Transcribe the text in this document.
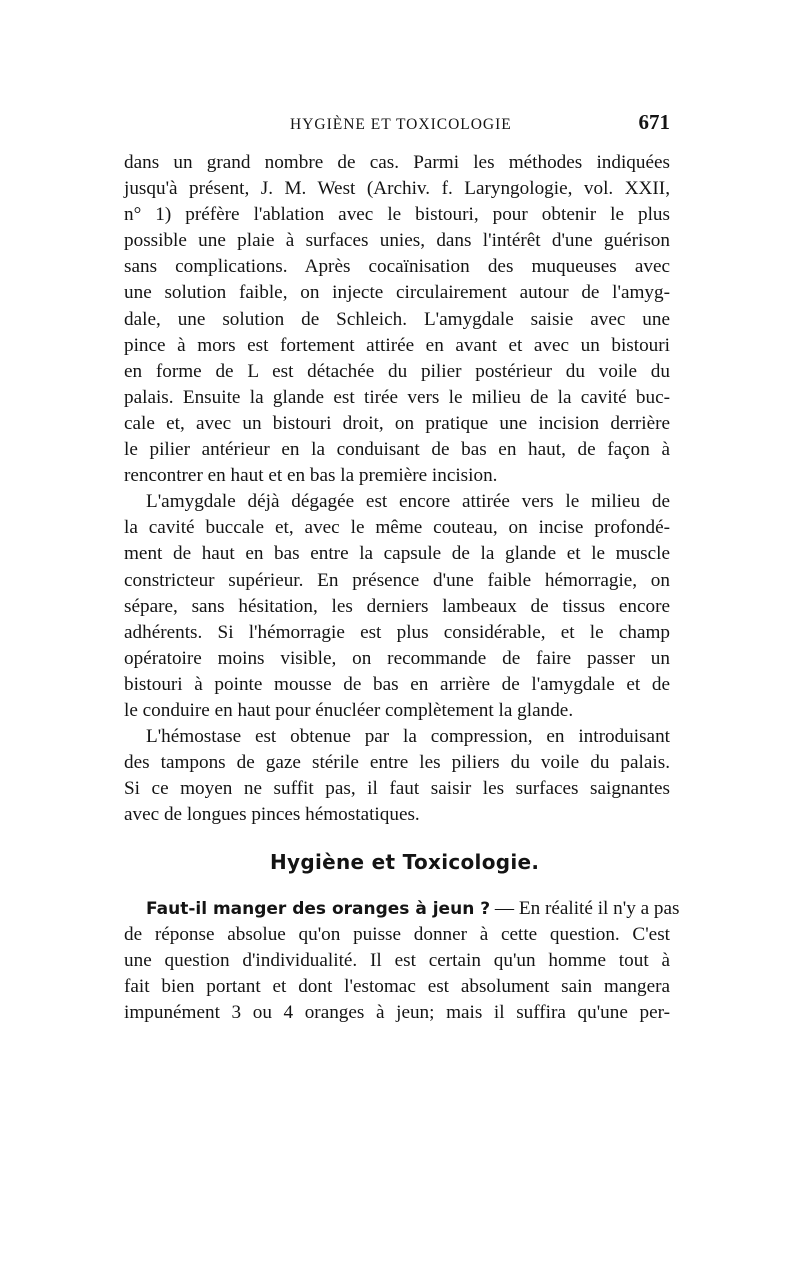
HYGIÈNE ET TOXICOLOGIE	671
dans un grand nombre de cas. Parmi les méthodes indiquées
jusqu'à présent, J. M. West (Archiv. f. Laryngologie, vol. XXII,
n° 1) préfère l'ablation avec le bistouri, pour obtenir le plus
possible une plaie à surfaces unies, dans l'intérêt d'une guérison
sans complications. Après cocaïnisation des muqueuses avec
une solution faible, on injecte circulairement autour de l'amyg-
dale, une solution de Schleich. L'amygdale saisie avec une
pince à mors est fortement attirée en avant et avec un bistouri
en forme de L est détachée du pilier postérieur du voile du
palais. Ensuite la glande est tirée vers le milieu de la cavité buc-
cale et, avec un bistouri droit, on pratique une incision derrière
le pilier antérieur en la conduisant de bas en haut, de façon à
rencontrer en haut et en bas la première incision.
L'amygdale déjà dégagée est encore attirée vers le milieu de
la cavité buccale et, avec le même couteau, on incise profondé-
ment de haut en bas entre la capsule de la glande et le muscle
constricteur supérieur. En présence d'une faible hémorragie, on
sépare, sans hésitation, les derniers lambeaux de tissus encore
adhérents. Si l'hémorragie est plus considérable, et le champ
opératoire moins visible, on recommande de faire passer un
bistouri à pointe mousse de bas en arrière de l'amygdale et de
le conduire en haut pour énucléer complètement la glande.
L'hémostase est obtenue par la compression, en introduisant
des tampons de gaze stérile entre les piliers du voile du palais.
Si ce moyen ne suffit pas, il faut saisir les surfaces saignantes
avec de longues pinces hémostatiques.
Hygiène et Toxicologie.
Faut-il manger des oranges à jeun ? — En réalité il n'y a pas
de réponse absolue qu'on puisse donner à cette question. C'est
une question d'individualité. Il est certain qu'un homme tout à
fait bien portant et dont l'estomac est absolument sain mangera
impunément 3 ou 4 oranges à jeun; mais il suffira qu'une per-
